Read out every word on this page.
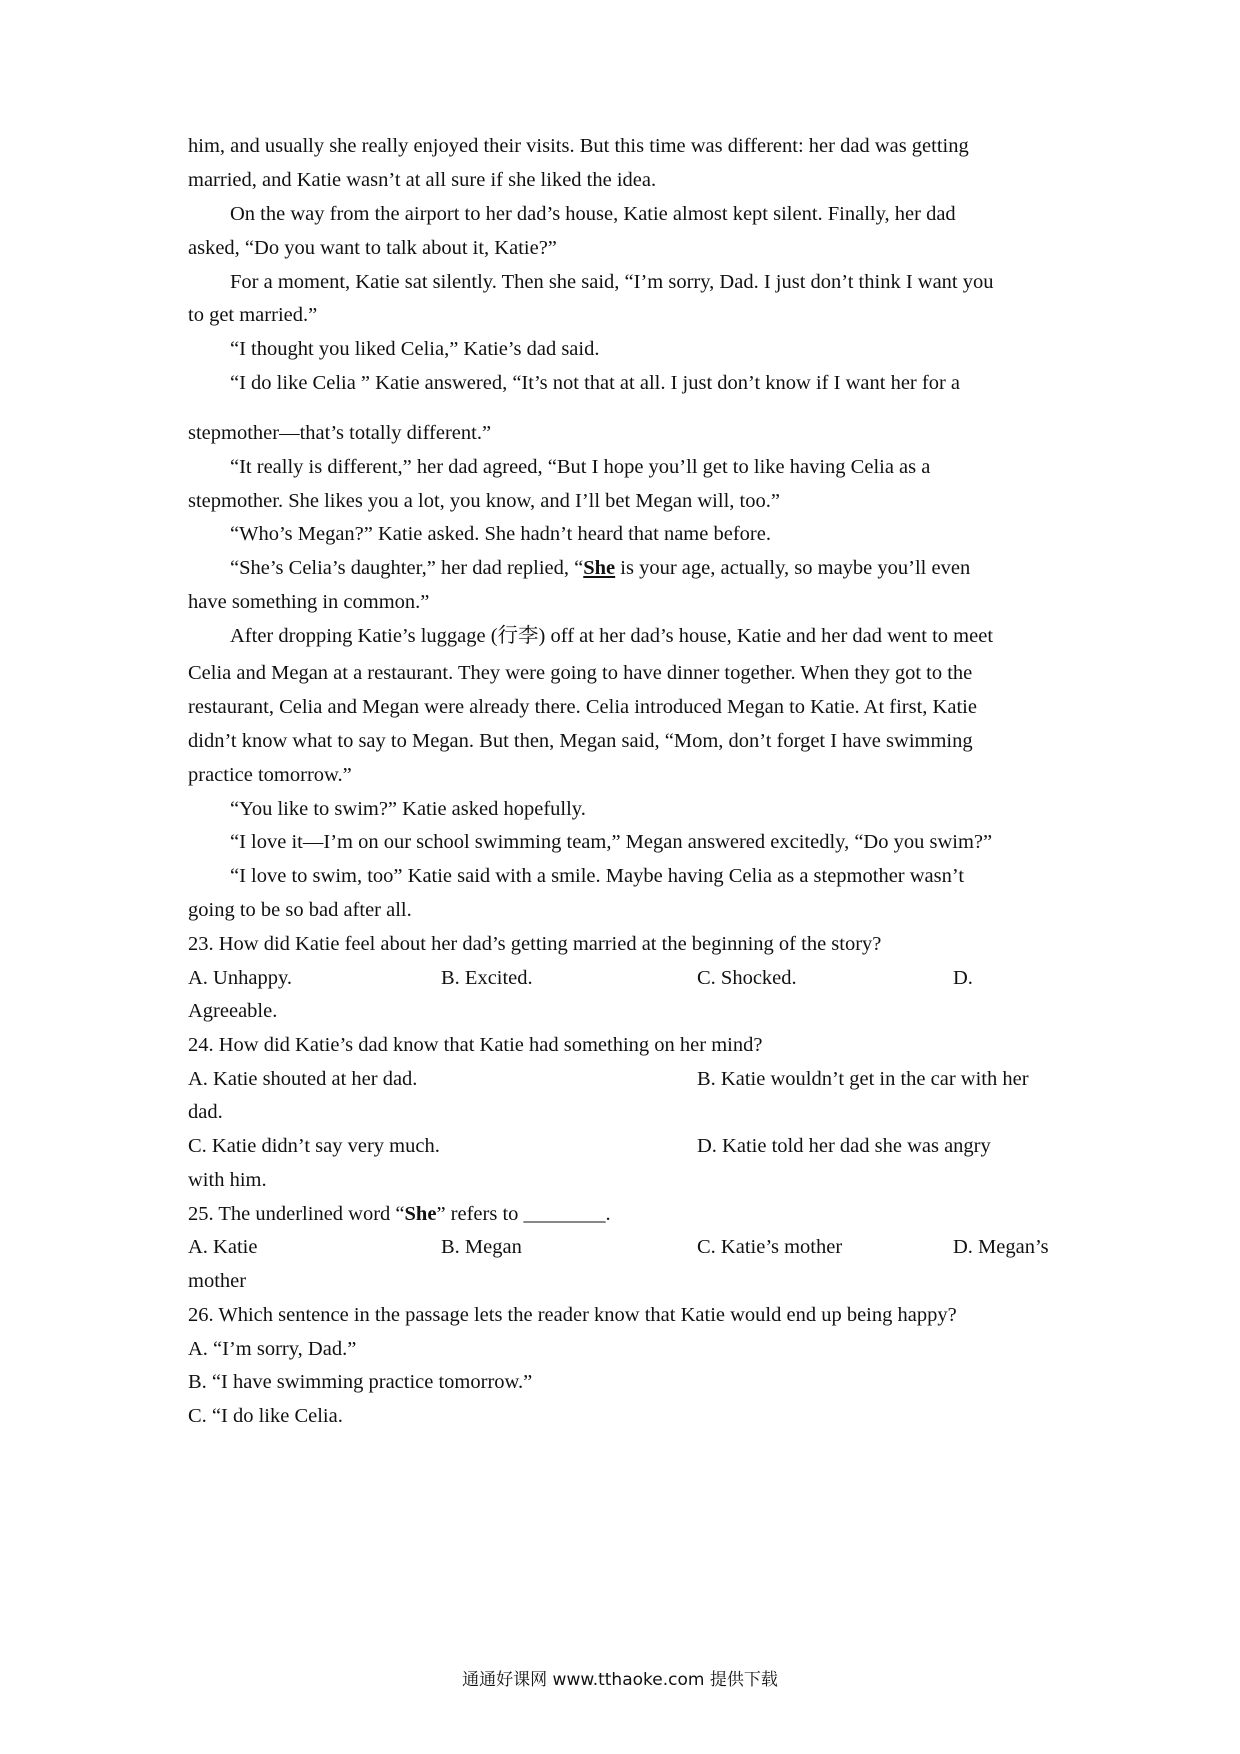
him, and usually she really enjoyed their visits. But this time was different: her dad was getting
married, and Katie wasn’t at all sure if she liked the idea.
On the way from the airport to her dad’s house, Katie almost kept silent. Finally, her dad
asked, “Do you want to talk about it, Katie?”
For a moment, Katie sat silently. Then she said, “I’m sorry, Dad. I just don’t think I want you
to get married.”
“I thought you liked Celia,” Katie’s dad said.
“I do like Celia ” Katie answered, “It’s not that at all. I just don’t know if I want her for a
stepmother—that’s totally different.”
“It really is different,” her dad agreed, “But I hope you’ll get to like having Celia as a
stepmother. She likes you a lot, you know, and I’ll bet Megan will, too.”
“Who’s Megan?” Katie asked. She hadn’t heard that name before.
“She’s Celia’s daughter,” her dad replied, “She is your age, actually, so maybe you’ll even
have something in common.”
After dropping Katie’s luggage (行李) off at her dad’s house, Katie and her dad went to meet
Celia and Megan at a restaurant. They were going to have dinner together. When they got to the
restaurant, Celia and Megan were already there. Celia introduced Megan to Katie. At first, Katie
didn’t know what to say to Megan. But then, Megan said, “Mom, don’t forget I have swimming
practice tomorrow.”
“You like to swim?” Katie asked hopefully.
“I love it—I’m on our school swimming team,” Megan answered excitedly, “Do you swim?”
“I love to swim, too” Katie said with a smile. Maybe having Celia as a stepmother wasn’t
going to be so bad after all.
23. How did Katie feel about her dad’s getting married at the beginning of the story?
A. Unhappy.	B. Excited.	C. Shocked.	D.
Agreeable.
24. How did Katie’s dad know that Katie had something on her mind?
A. Katie shouted at her dad.	B. Katie wouldn’t get in the car with her
dad.
C. Katie didn’t say very much.	D. Katie told her dad she was angry
with him.
25. The underlined word “She” refers to ________.
A. Katie	B. Megan	C. Katie’s mother	D. Megan’s
mother
26. Which sentence in the passage lets the reader know that Katie would end up being happy?
A. “I’m sorry, Dad.”
B. “I have swimming practice tomorrow.”
C. “I do like Celia.
通通好课网 www.tthaoke.com 提供下载
